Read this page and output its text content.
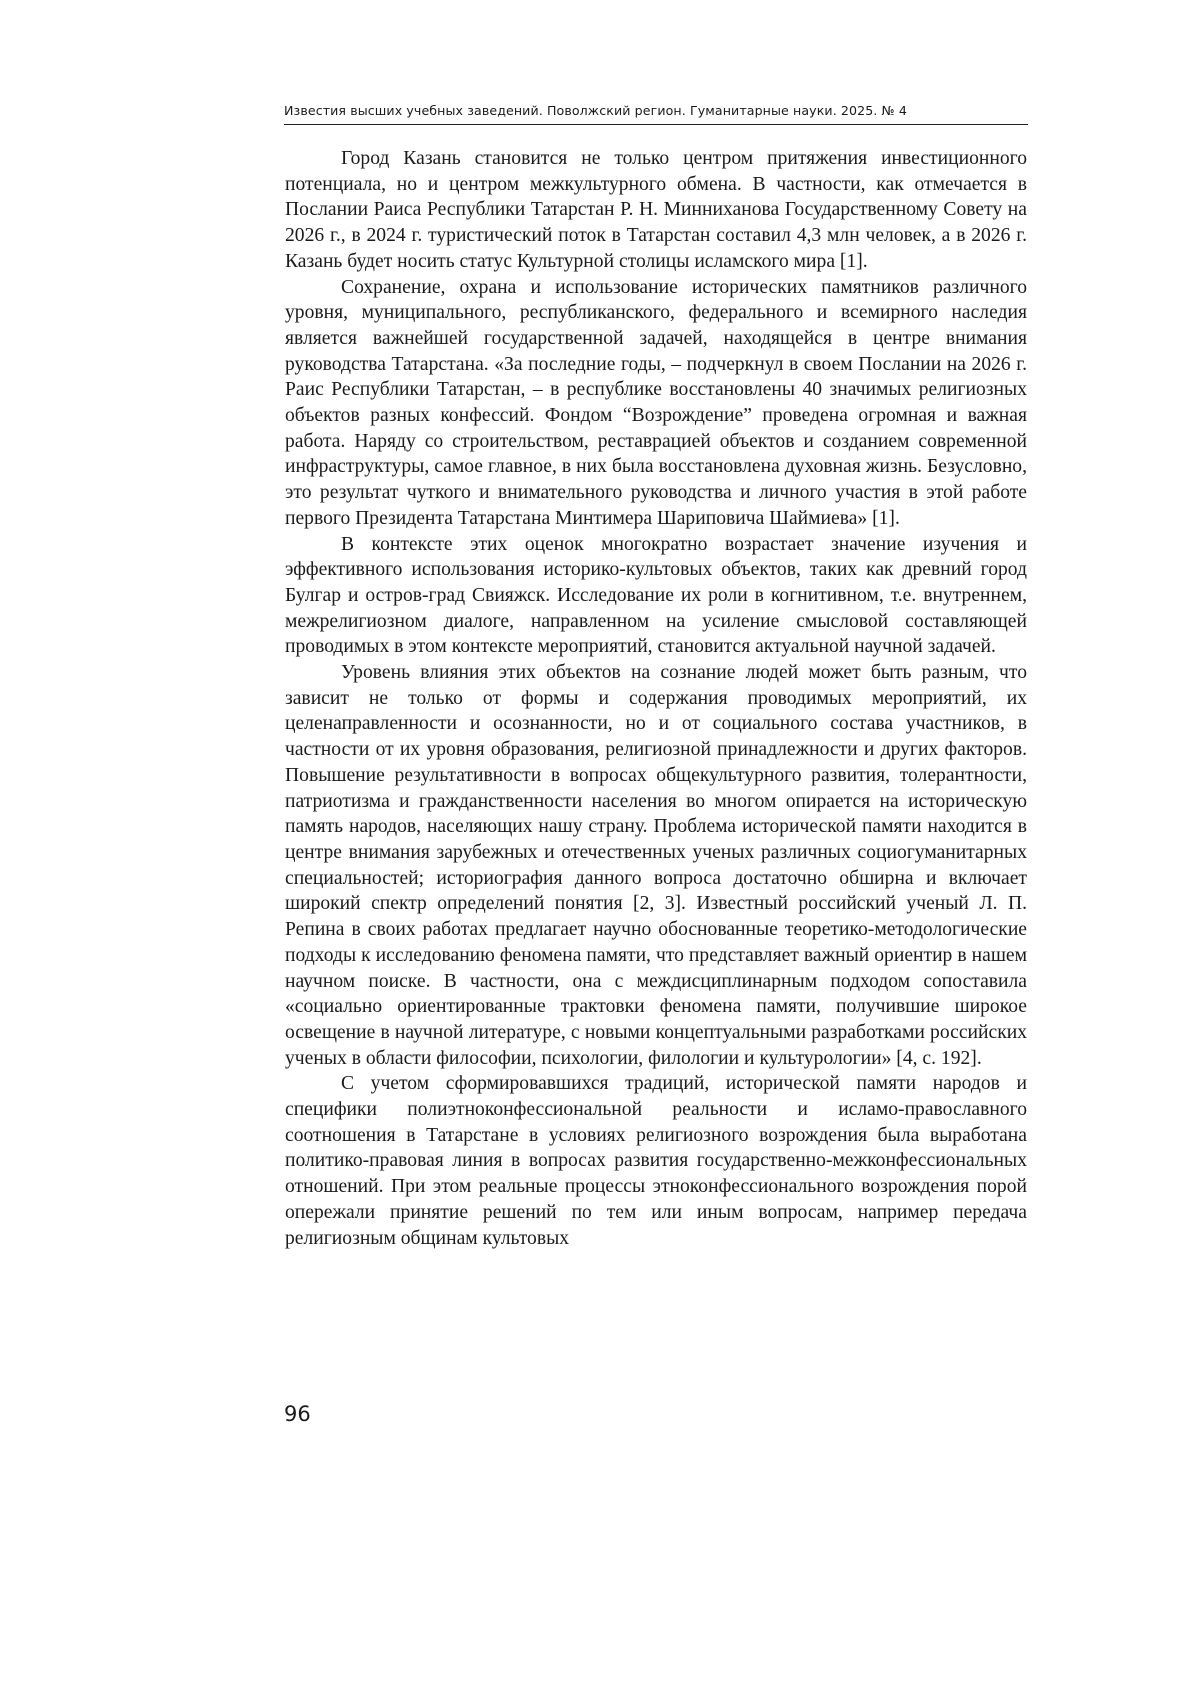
Известия высших учебных заведений. Поволжский регион. Гуманитарные науки. 2025. № 4

Город Казань становится не только центром притяжения инвестиционного потенциала, но и центром межкультурного обмена. В частности, как отмечается в Послании Раиса Республики Татарстан Р. Н. Минниханова Государственному Совету на 2026 г., в 2024 г. туристический поток в Татарстан составил 4,3 млн человек, а в 2026 г. Казань будет носить статус Культурной столицы исламского мира [1].

Сохранение, охрана и использование исторических памятников различного уровня, муниципального, республиканского, федерального и всемирного наследия является важнейшей государственной задачей, находящейся в центре внимания руководства Татарстана. «За последние годы, – подчеркнул в своем Послании на 2026 г. Раис Республики Татарстан, – в республике восстановлены 40 значимых религиозных объектов разных конфессий. Фондом “Возрождение” проведена огромная и важная работа. Наряду со строительством, реставрацией объектов и созданием современной инфраструктуры, самое главное, в них была восстановлена духовная жизнь. Безусловно, это результат чуткого и внимательного руководства и личного участия в этой работе первого Президента Татарстана Минтимера Шариповича Шаймиева» [1].

В контексте этих оценок многократно возрастает значение изучения и эффективного использования историко-культовых объектов, таких как древний город Булгар и остров-град Свияжск. Исследование их роли в когнитивном, т.е. внутреннем, межрелигиозном диалоге, направленном на усиление смысловой составляющей проводимых в этом контексте мероприятий, становится актуальной научной задачей.

Уровень влияния этих объектов на сознание людей может быть разным, что зависит не только от формы и содержания проводимых мероприятий, их целенаправленности и осознанности, но и от социального состава участников, в частности от их уровня образования, религиозной принадлежности и других факторов. Повышение результативности в вопросах общекультурного развития, толерантности, патриотизма и гражданственности населения во многом опирается на историческую память народов, населяющих нашу страну. Проблема исторической памяти находится в центре внимания зарубежных и отечественных ученых различных социогуманитарных специальностей; историография данного вопроса достаточно обширна и включает широкий спектр определений понятия [2, 3]. Известный российский ученый Л. П. Репина в своих работах предлагает научно обоснованные теоретико-методологические подходы к исследованию феномена памяти, что представляет важный ориентир в нашем научном поиске. В частности, она с междисциплинарным подходом сопоставила «социально ориентированные трактовки феномена памяти, получившие широкое освещение в научной литературе, с новыми концептуальными разработками российских ученых в области философии, психологии, филологии и культурологии» [4, с. 192].

С учетом сформировавшихся традиций, исторической памяти народов и специфики полиэтноконфессиональной реальности и исламо-православного соотношения в Татарстане в условиях религиозного возрождения была выработана политико-правовая линия в вопросах развития государственно-межконфессиональных отношений. При этом реальные процессы этноконфессионального возрождения порой опережали принятие решений по тем или иным вопросам, например передача религиозным общинам культовых

96
